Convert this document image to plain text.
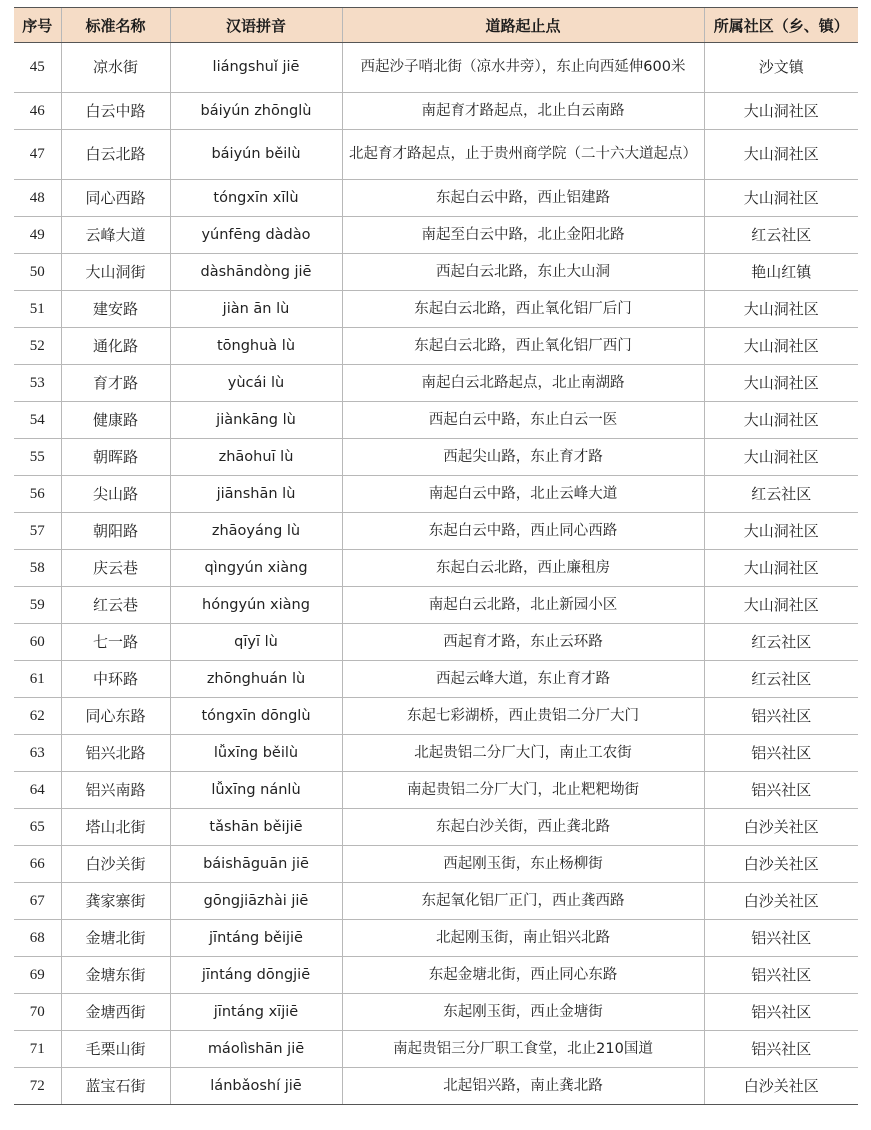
序号	标准名称	汉语拼音	道路起止点	所属社区（乡、镇）
45	凉水街	liángshuǐ jiē	西起沙子哨北街（凉水井旁），东止向西延伸600米	沙文镇
46	白云中路	báiyún zhōnglù	南起育才路起点，北止白云南路	大山洞社区
47	白云北路	báiyún běilù	北起育才路起点，止于贵州商学院（二十六大道起点）	大山洞社区
48	同心西路	tóngxīn xīlù	东起白云中路，西止铝建路	大山洞社区
49	云峰大道	yúnfēng dàdào	南起至白云中路，北止金阳北路	红云社区
50	大山洞街	dàshāndòng jiē	西起白云北路，东止大山洞	艳山红镇
51	建安路	jiàn ān lù	东起白云北路，西止氧化铝厂后门	大山洞社区
52	通化路	tōnghuà lù	东起白云北路，西止氧化铝厂西门	大山洞社区
53	育才路	yùcái lù	南起白云北路起点，北止南湖路	大山洞社区
54	健康路	jiànkāng lù	西起白云中路，东止白云一医	大山洞社区
55	朝晖路	zhāohuī lù	西起尖山路，东止育才路	大山洞社区
56	尖山路	jiānshān lù	南起白云中路，北止云峰大道	红云社区
57	朝阳路	zhāoyáng lù	东起白云中路，西止同心西路	大山洞社区
58	庆云巷	qìngyún xiàng	东起白云北路，西止廉租房	大山洞社区
59	红云巷	hóngyún xiàng	南起白云北路，北止新园小区	大山洞社区
60	七一路	qīyī lù	西起育才路，东止云环路	红云社区
61	中环路	zhōnghuán lù	西起云峰大道，东止育才路	红云社区
62	同心东路	tóngxīn dōnglù	东起七彩湖桥，西止贵铝二分厂大门	铝兴社区
63	铝兴北路	lǚxīng běilù	北起贵铝二分厂大门，南止工农街	铝兴社区
64	铝兴南路	lǚxīng nánlù	南起贵铝二分厂大门，北止粑粑坳街	铝兴社区
65	塔山北街	tǎshān běijiē	东起白沙关街，西止龚北路	白沙关社区
66	白沙关街	báishāguān jiē	西起刚玉街，东止杨柳街	白沙关社区
67	龚家寨街	gōngjiāzhài jiē	东起氧化铝厂正门，西止龚西路	白沙关社区
68	金塘北街	jīntáng běijiē	北起刚玉街，南止铝兴北路	铝兴社区
69	金塘东街	jīntáng dōngjiē	东起金塘北街，西止同心东路	铝兴社区
70	金塘西街	jīntáng xījiē	东起刚玉街，西止金塘街	铝兴社区
71	毛栗山街	máolìshān jiē	南起贵铝三分厂职工食堂，北止210国道	铝兴社区
72	蓝宝石街	lánbǎoshí jiē	北起铝兴路，南止龚北路	白沙关社区
